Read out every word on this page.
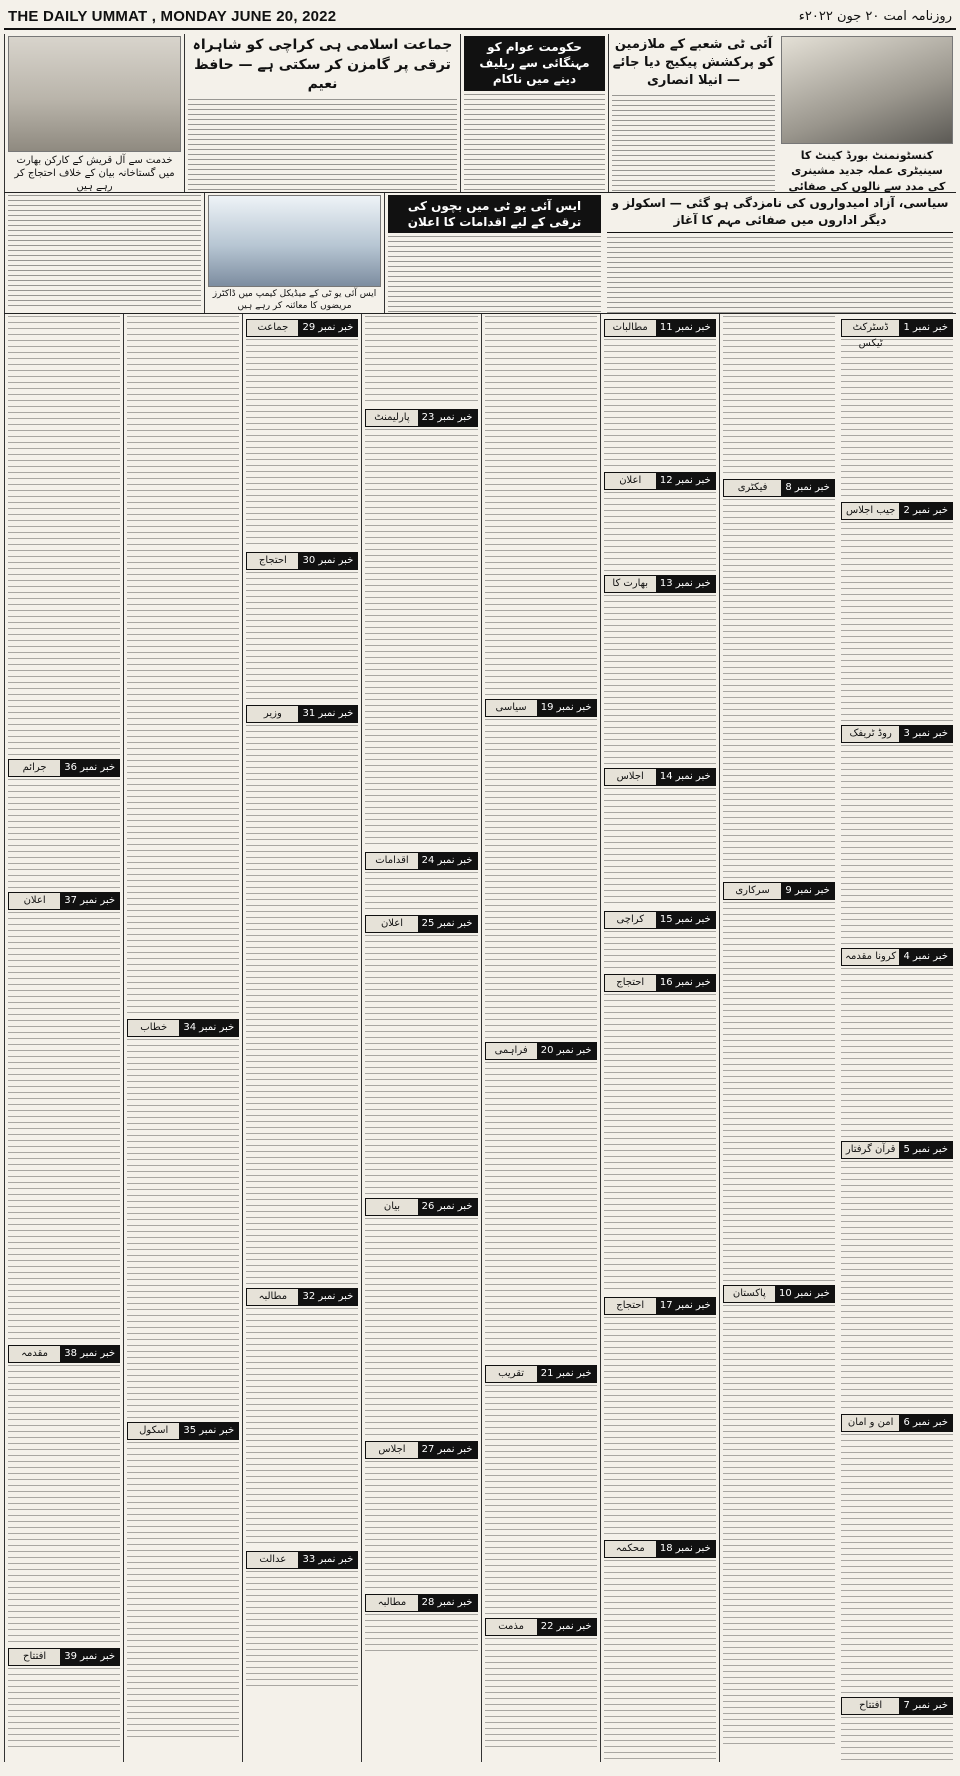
THE DAILY UMMAT , MONDAY JUNE 20, 2022	روزنامہ امت ۲۰ جون ۲۰۲۲ء
کنسٹونمنٹ بورڈ کینٹ کا سینیٹری عملہ جدید مشینری کی مدد سے نالوں کی صفائی
آئی ٹی شعبے کے ملازمین کو پرکشش پیکیج دیا جائے — انیلا انصاری
حکومت عوام کو مہنگائی سے ریلیف دینے میں ناکام
جماعت اسلامی ہی کراچی کو شاہراہ ترقی پر گامزن کر سکتی ہے — حافظ نعیم
خدمت سے آل قریش کے کارکن بھارت میں گستاخانہ بیان کے خلاف احتجاج کر رہے ہیں
سیاسی، آزاد امیدواروں کی نامزدگی ہو گئی — اسکولز و دیگر اداروں میں صفائی مہم کا آغاز
ایس آئی یو ٹی میں بچوں کی ترقی کے لیے اقدامات کا اعلان
ایس آئی یو ٹی کے میڈیکل کیمپ میں ڈاکٹرز مریضوں کا معائنہ کر رہے ہیں
خبر نمبر 1
ڈسٹرکٹ ٹیکس
خبر نمبر 2
جیب اجلاس
خبر نمبر 3
روڈ ٹریفک
خبر نمبر 4
کرونا مقدمہ
خبر نمبر 5
قرآن گرفتار
خبر نمبر 6
امن و امان
خبر نمبر 7
افتتاح
خبر نمبر 8
فیکٹری
خبر نمبر 9
سرکاری
خبر نمبر 10
پاکستان
خبر نمبر 11
مطالبات
خبر نمبر 12
اعلان
خبر نمبر 13
بھارت کا
خبر نمبر 14
اجلاس
خبر نمبر 15
کراچی
خبر نمبر 16
احتجاج
خبر نمبر 17
احتجاج
خبر نمبر 18
محکمہ
خبر نمبر 19
سیاسی
خبر نمبر 20
فراہمی
خبر نمبر 21
تقریب
خبر نمبر 22
مذمت
خبر نمبر 23
پارلیمنٹ
خبر نمبر 24
اقدامات
خبر نمبر 25
اعلان
خبر نمبر 26
بیان
خبر نمبر 27
اجلاس
خبر نمبر 28
مطالبہ
خبر نمبر 29
جماعت
خبر نمبر 30
احتجاج
خبر نمبر 31
وزیر
خبر نمبر 32
مطالبہ
خبر نمبر 33
عدالت
خبر نمبر 34
خطاب
خبر نمبر 35
اسکول
خبر نمبر 36
جرائم
خبر نمبر 37
اعلان
خبر نمبر 38
مقدمہ
خبر نمبر 39
افتتاح
